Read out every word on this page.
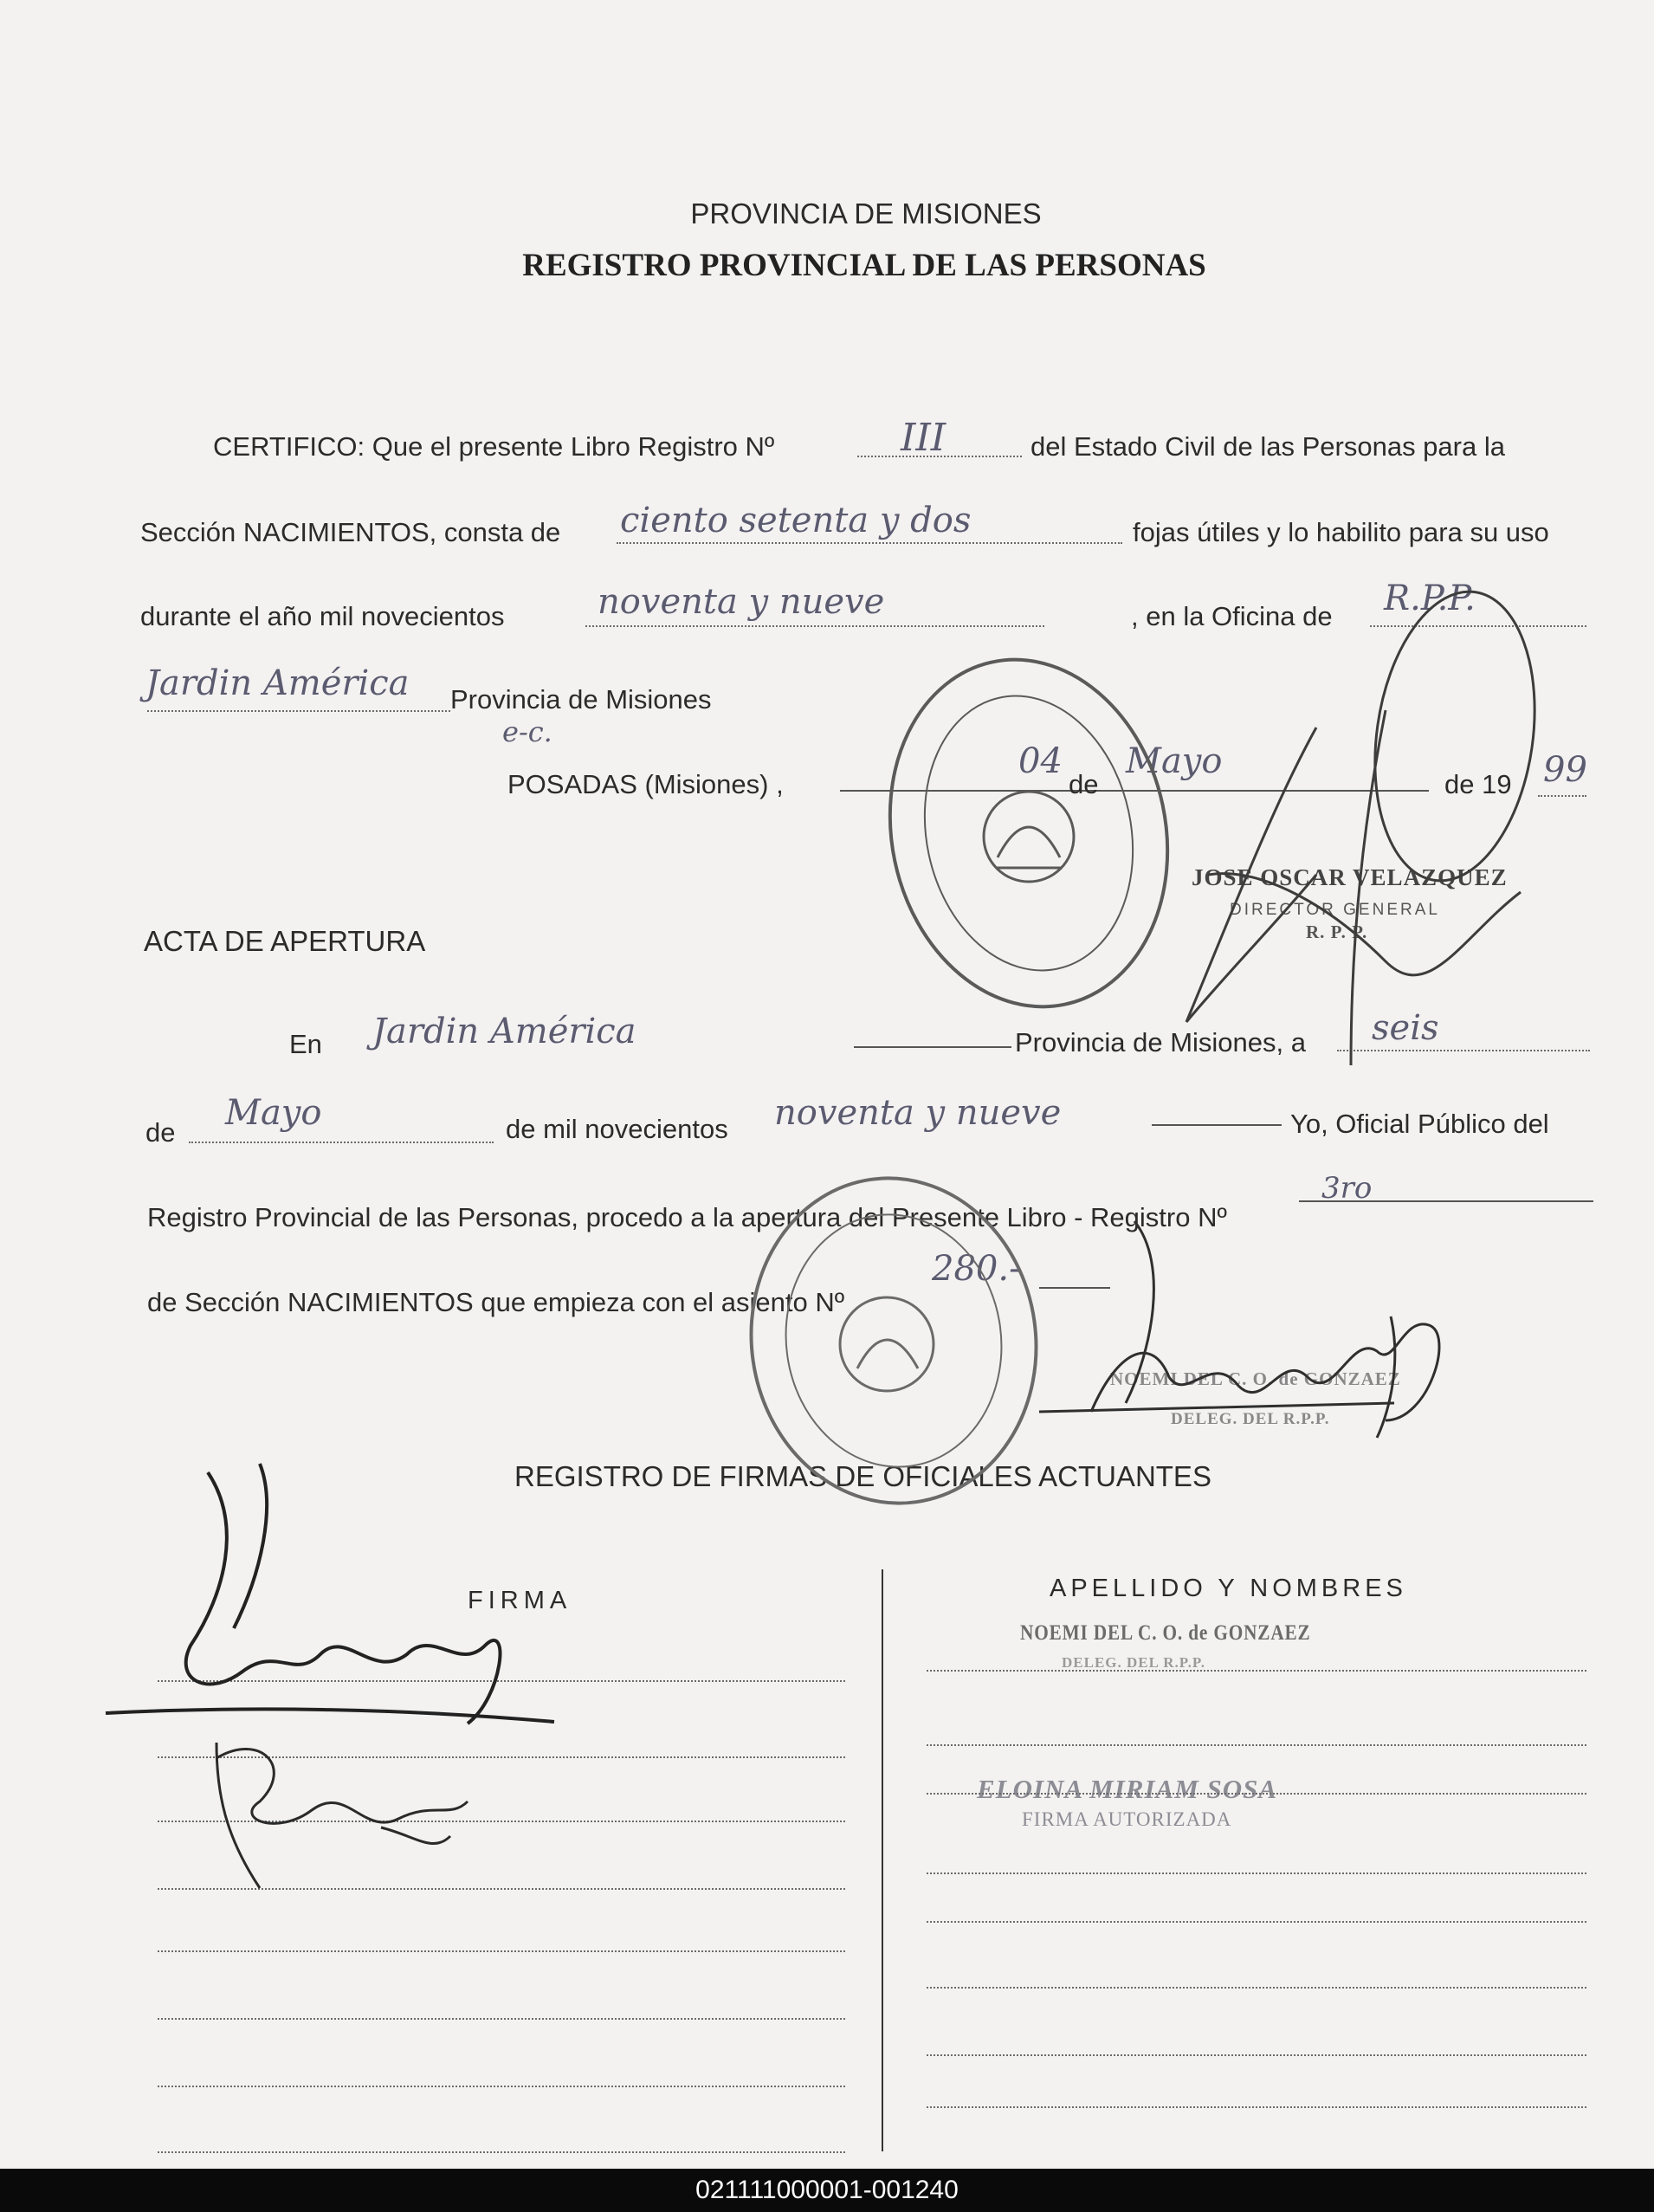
PROVINCIA DE MISIONES
REGISTRO PROVINCIAL DE LAS PERSONAS
CERTIFICO: Que el presente Libro Registro Nº	III	del Estado Civil de las Personas para la
Sección NACIMIENTOS, consta de ciento setenta y dos	fojas útiles y lo habilito para su uso
durante el año mil novecientos	noventa y nueve	, en la Oficina de R.P.P.
Jardin América Provincia de Misiones
e-c.
POSADAS (Misiones) ,
04
de
Mayo
de 19 99
JOSE OSCAR VELAZQUEZ
DIRECTOR GENERAL
R. P. P.
ACTA DE APERTURA
En Jardin América	Provincia de Misiones, a seis
de Mayo	de mil novecientos noventa y nueve	Yo, Oficial Público del
Registro Provincial de las Personas, procedo a la apertura del Presente Libro - Registro Nº
3ro
de Sección NACIMIENTOS que empieza con el asiento Nº
280.-
NOEMI DEL C. O. de GONZAEZ
DELEG. DEL R.P.P.
REGISTRO DE FIRMAS DE OFICIALES ACTUANTES
FIRMA	APELLIDO Y NOMBRES
NOEMI DEL C. O. de GONZAEZ
DELEG. DEL R.P.P.
ELOINA MIRIAM SOSA
FIRMA AUTORIZADA
021111000001-001240
